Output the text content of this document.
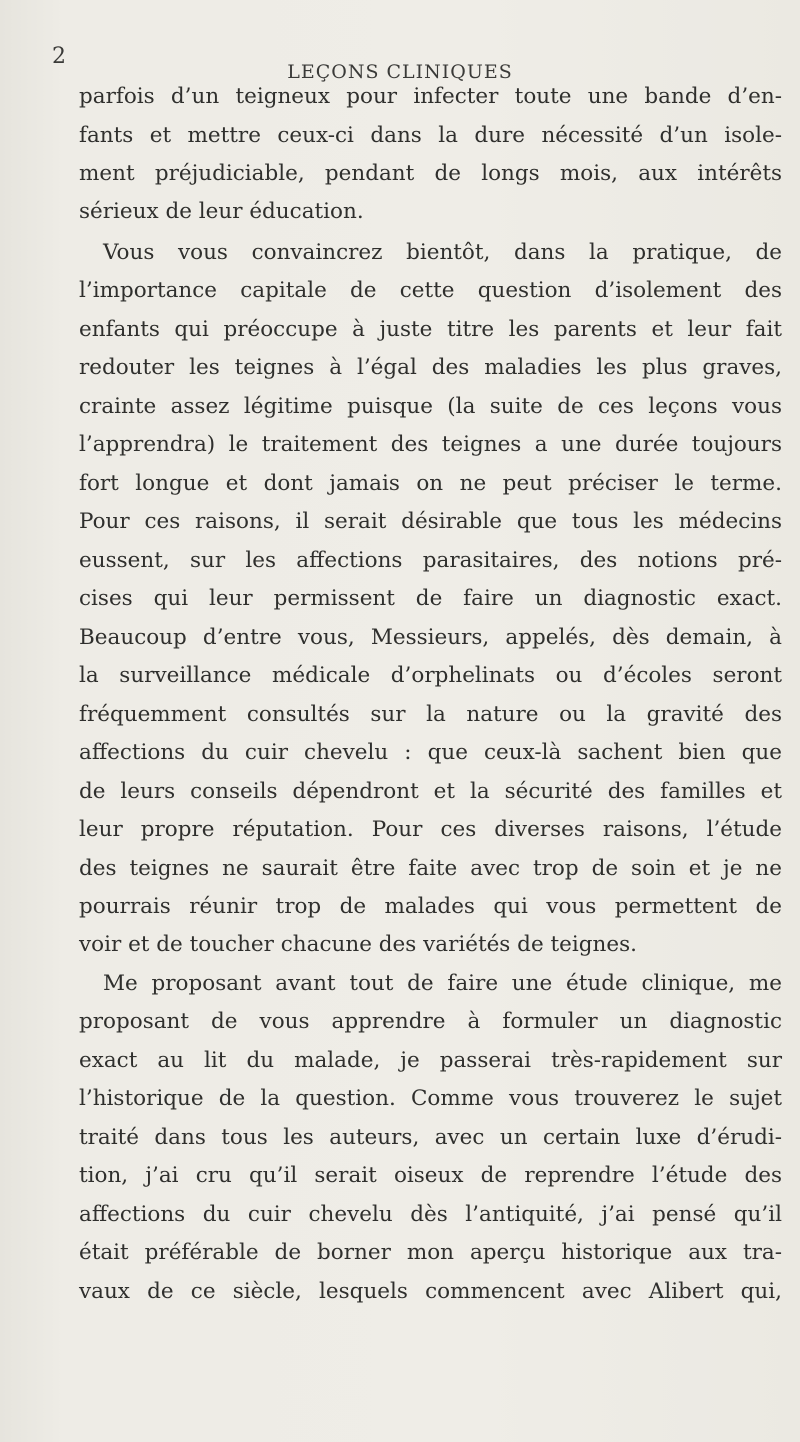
2
LEÇONS CLINIQUES
parfois d’un teigneux pour infecter toute une bande d’en-
fants et mettre ceux-ci dans la dure nécessité d’un isole-
ment préjudiciable, pendant de longs mois, aux intérêts
sérieux de leur éducation.
Vous vous convaincrez bientôt, dans la pratique, de
l’importance capitale de cette question d’isolement des
enfants qui préoccupe à juste titre les parents et leur fait
redouter les teignes à l’égal des maladies les plus graves,
crainte assez légitime puisque (la suite de ces leçons vous
l’apprendra) le traitement des teignes a une durée toujours
fort longue et dont jamais on ne peut préciser le terme.
Pour ces raisons, il serait désirable que tous les médecins
eussent, sur les affections parasitaires, des notions pré-
cises qui leur permissent de faire un diagnostic exact.
Beaucoup d’entre vous, Messieurs, appelés, dès demain, à
la surveillance médicale d’orphelinats ou d’écoles seront
fréquemment consultés sur la nature ou la gravité des
affections du cuir chevelu : que ceux-là sachent bien que
de leurs conseils dépendront et la sécurité des familles et
leur propre réputation. Pour ces diverses raisons, l’étude
des teignes ne saurait être faite avec trop de soin et je ne
pourrais réunir trop de malades qui vous permettent de
voir et de toucher chacune des variétés de teignes.
Me proposant avant tout de faire une étude clinique, me
proposant de vous apprendre à formuler un diagnostic
exact au lit du malade, je passerai très-rapidement sur
l’historique de la question. Comme vous trouverez le sujet
traité dans tous les auteurs, avec un certain luxe d’érudi-
tion, j’ai cru qu’il serait oiseux de reprendre l’étude des
affections du cuir chevelu dès l’antiquité, j’ai pensé qu’il
était préférable de borner mon aperçu historique aux tra-
vaux de ce siècle, lesquels commencent avec Alibert qui,
